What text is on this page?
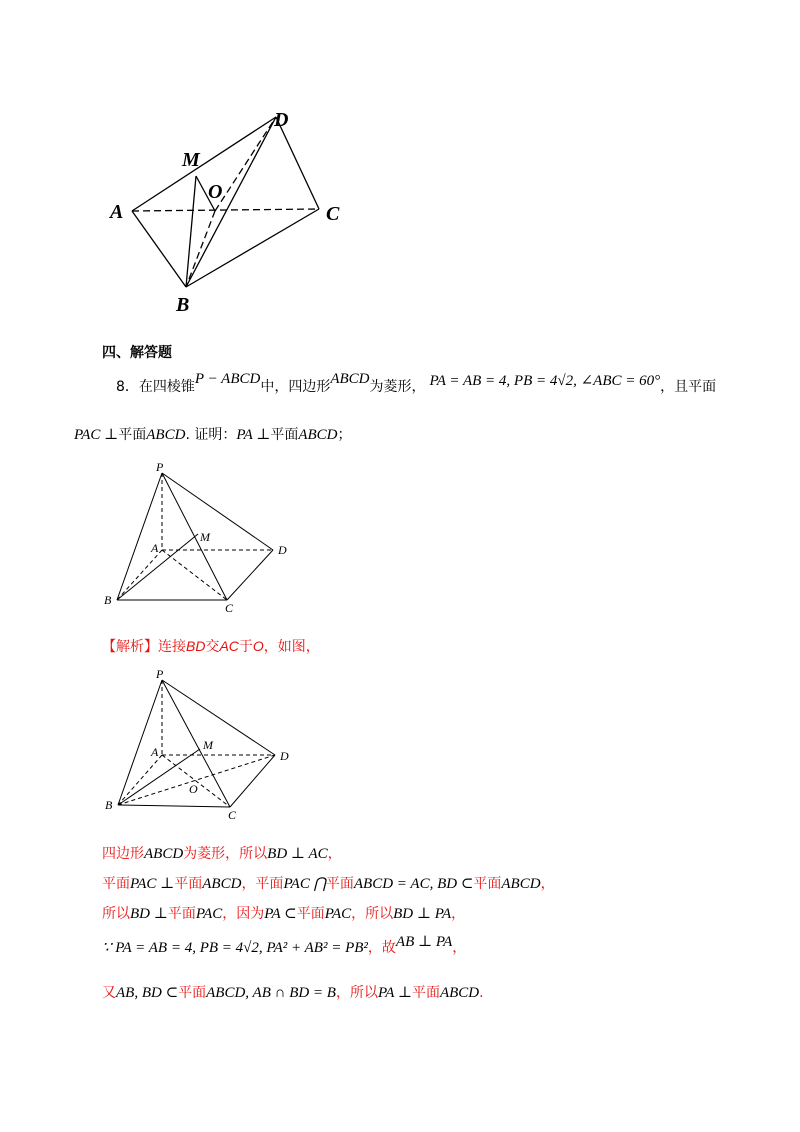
A
B
C
D
M
O
四、解答题
8．在四棱锥P − ABCD中，四边形ABCD为菱形， PA = AB = 4, PB = 4√2, ∠ABC = 60°，且平面
PAC ⊥平面ABCD. 证明：PA ⊥平面ABCD；
P
A
B
C
D
M
【解析】连接BD交AC于O，如图，
P
A
B
C
D
M
O
四边形ABCD为菱形，所以BD ⊥ AC，
平面PAC ⊥平面ABCD，平面PAC ⋂平面ABCD = AC, BD ⊂平面ABCD，
所以BD ⊥平面PAC，因为PA ⊂平面PAC，所以BD ⊥ PA，
∵ PA = AB = 4, PB = 4√2, PA² + AB² = PB²，故AB ⊥ PA，
又AB, BD ⊂平面ABCD, AB ∩ BD = B，所以PA ⊥平面ABCD.
